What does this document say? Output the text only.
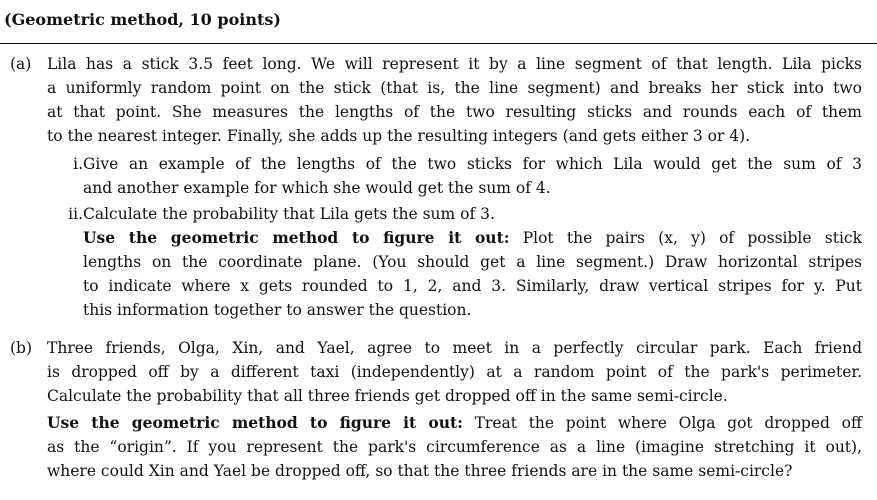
(Geometric method, 10 points)
(a)	Lila has a stick 3.5 feet long. We will represent it by a line segment of that length. Lila picks
a uniformly random point on the stick (that is, the line segment) and breaks her stick into two
at that point. She measures the lengths of the two resulting sticks and rounds each of them
to the nearest integer. Finally, she adds up the resulting integers (and gets either 3 or 4).
i. Give an example of the lengths of the two sticks for which Lila would get the sum of 3
and another example for which she would get the sum of 4.
ii. Calculate the probability that Lila gets the sum of 3.
Use the geometric method to figure it out: Plot the pairs (x, y) of possible stick
lengths on the coordinate plane. (You should get a line segment.) Draw horizontal stripes
to indicate where x gets rounded to 1, 2, and 3. Similarly, draw vertical stripes for y. Put
this information together to answer the question.
(b) Three friends, Olga, Xin, and Yael, agree to meet in a perfectly circular park. Each friend
is dropped off by a different taxi (independently) at a random point of the park's perimeter.
Calculate the probability that all three friends get dropped off in the same semi-circle.
Use the geometric method to figure it out: Treat the point where Olga got dropped off
as the “origin”. If you represent the park's circumference as a line (imagine stretching it out),
where could Xin and Yael be dropped off, so that the three friends are in the same semi-circle?
